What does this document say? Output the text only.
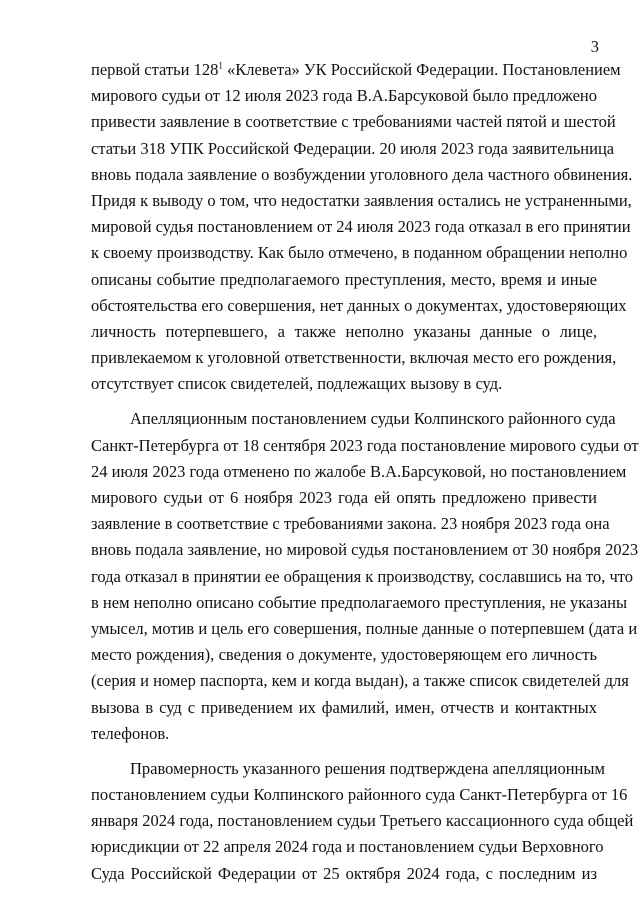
3
первой статьи $128^1$ «Клевета» УК Российской Федерации. Постановлением
мирового судьи от 12 июля 2023 года В.А.Барсуковой было предложено
привести заявление в соответствие с требованиями частей пятой и шестой
статьи 318 УПК Российской Федерации. 20 июля 2023 года заявительница
вновь подала заявление о возбуждении уголовного дела частного обвинения.
Придя к выводу о том, что недостатки заявления остались не устраненными,
мировой судья постановлением от 24 июля 2023 года отказал в его принятии
к своему производству. Как было отмечено, в поданном обращении неполно
описаны событие предполагаемого преступления, место, время и иные
обстоятельства его совершения, нет данных о документах, удостоверяющих
личность потерпевшего, а также неполно указаны данные о лице,
привлекаемом к уголовной ответственности, включая место его рождения,
отсутствует список свидетелей, подлежащих вызову в суд.
Апелляционным постановлением судьи Колпинского районного суда
Санкт-Петербурга от 18 сентября 2023 года постановление мирового судьи от
24 июля 2023 года отменено по жалобе В.А.Барсуковой, но постановлением
мирового судьи от 6 ноября 2023 года ей опять предложено привести
заявление в соответствие с требованиями закона. 23 ноября 2023 года она
вновь подала заявление, но мировой судья постановлением от 30 ноября 2023
года отказал в принятии ее обращения к производству, сославшись на то, что
в нем неполно описано событие предполагаемого преступления, не указаны
умысел, мотив и цель его совершения, полные данные о потерпевшем (дата и
место рождения), сведения о документе, удостоверяющем его личность
(серия и номер паспорта, кем и когда выдан), а также список свидетелей для
вызова в суд с приведением их фамилий, имен, отчеств и контактных
телефонов.
Правомерность указанного решения подтверждена апелляционным
постановлением судьи Колпинского районного суда Санкт-Петербурга от 16
января 2024 года, постановлением судьи Третьего кассационного суда общей
юрисдикции от 22 апреля 2024 года и постановлением судьи Верховного
Суда Российской Федерации от 25 октября 2024 года, с последним из
